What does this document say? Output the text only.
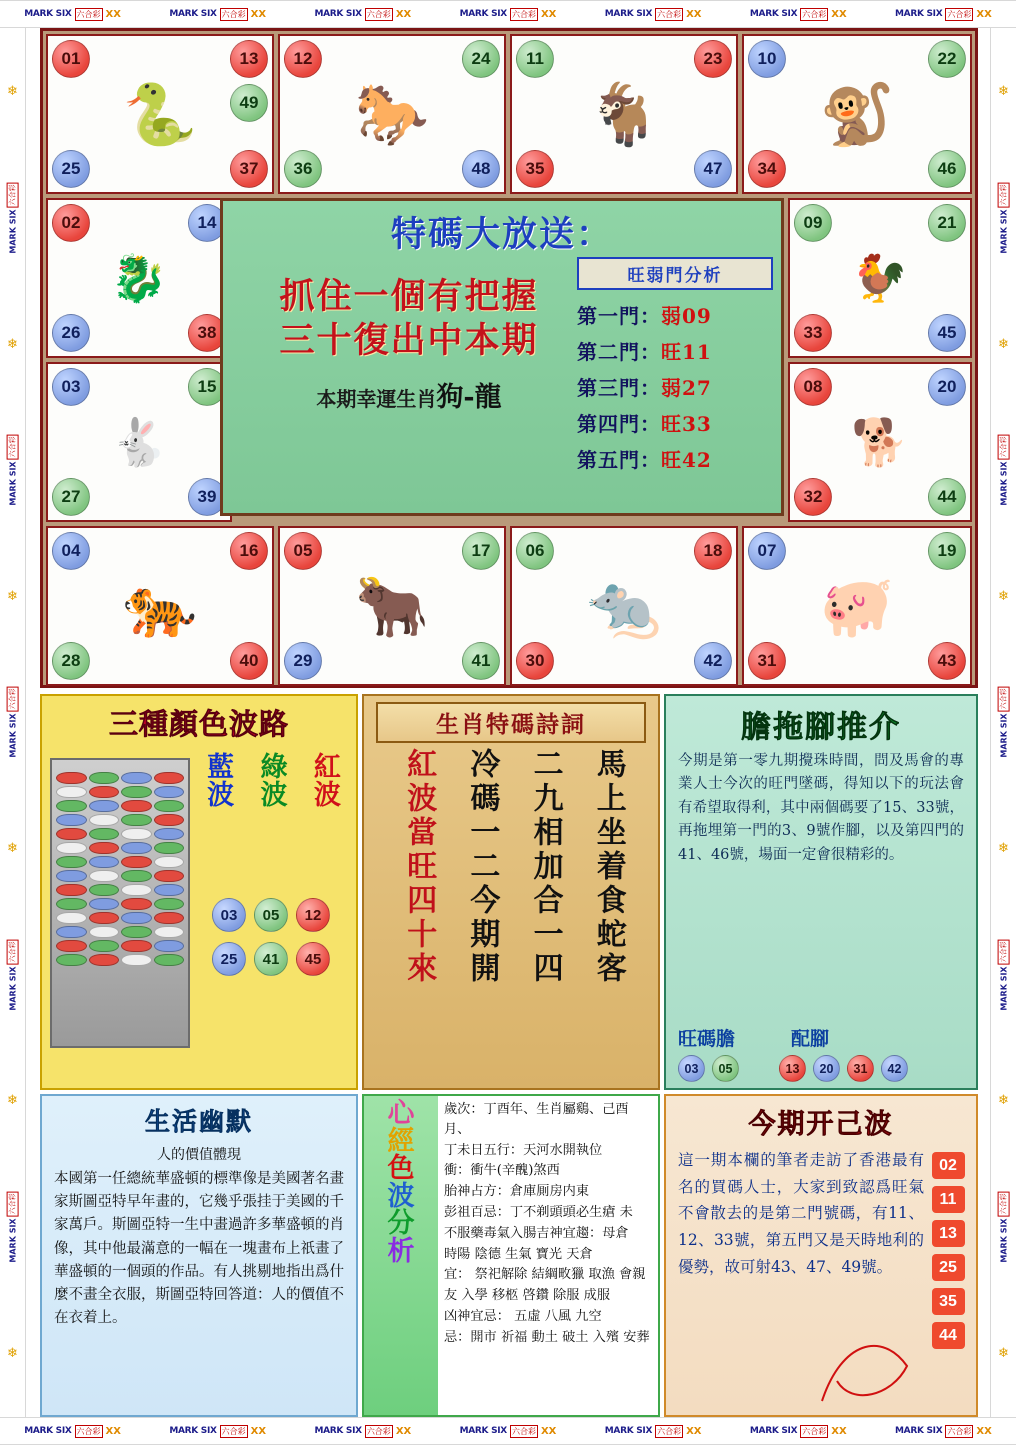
MARK SIX 六合彩 XX	MARK SIX 六合彩 XX	MARK SIX 六合彩 XX	MARK SIX 六合彩 XX	MARK SIX 六合彩 XX	MARK SIX 六合彩 XX	MARK SIX 六合彩 XX
❄
MARK SIX
六合彩
❄
MARK SIX
六合彩
❄
MARK SIX
六合彩
❄
MARK SIX
六合彩
❄
MARK SIX
六合彩
❄
❄
MARK SIX
六合彩
❄
MARK SIX
六合彩
❄
MARK SIX
六合彩
❄
MARK SIX
六合彩
❄
MARK SIX
六合彩
❄
🐍
01	13
25	37
49	🐎
12	24
36	48
🐐
11	23
35	47
🐒
10	22
34	46
🐉
02	14
26	38
🐇
03	15
27	39
🐓
09	21
33	45
🐕
08	20
32	44
🐅
04	16
28	40
🐂
05	17
29	41
🐀
06	18
30	42
🐖
07	19
31	43
特碼大放送：
抓住一個有把握
三十復出中本期
本期幸運生肖狗-龍
旺弱門分析
第一門：弱09
第二門：旺11
第三門：弱27
第四門：旺33
第五門：旺42
三種顏色波路
藍波
綠波
紅波
03	05	12
25	41	45
生肖特碼詩詞
馬上坐着食蛇客
二九相加合一四
冷碼一二今期開
紅波當旺四十來
膽拖腳推介
今期是第一零九期攪珠時間，問及馬會的專業人士今次的旺門墜碼，得知以下的玩法會有希望取得利，其中兩個碼要了15、33號，再拖埋第一門的3、9號作腳，以及第四門的41、46號，場面一定會很精彩的。
旺碼膽	配腳
03	05	13	20	31	42
生活幽默
人的價值體現
本國第一任總統華盛頓的標準像是美國著名畫家斯圖亞特早年畫的，它幾乎張挂于美國的千家萬戶。斯圖亞特一生中畫過許多華盛頓的肖像，其中他最滿意的一幅在一塊畫布上祇畫了華盛頓的一個頭的作品。有人挑剔地指出爲什麼不畫全衣服，斯圖亞特回答道：人的價值不在衣着上。
心
經
色
波
分
析
歲次：丁酉年、生肖屬鷄、己酉月、
丁未日五行：天河水開執位
衝：衝牛(辛醜)煞西
胎神占方：倉庫厠房内東
彭祖百忌：丁不剃頭頭必生瘡 未
不服藥毒氣入腸吉神宜趨：母倉
時陽 陰德 生氣 寶光 天倉
宜： 祭祀解除 結綱畋獵 取漁 會親
友 入學 移柩 啓鑽 除服 成服
凶神宜忌： 五虛 八風 九空
忌：開市 祈福 動土 破土 入殯 安葬
今期开己波
這一期本欄的筆者走訪了香港最有名的買碼人士，大家到致認爲旺氣不會散去的是第二門號碼，有11、12、33號，第五門又是天時地利的優勢，故可射43、47、49號。
02
11
13
25
35
44
MARK SIX 六合彩 XX	MARK SIX 六合彩 XX	MARK SIX 六合彩 XX	MARK SIX 六合彩 XX	MARK SIX 六合彩 XX	MARK SIX 六合彩 XX	MARK SIX 六合彩 XX
